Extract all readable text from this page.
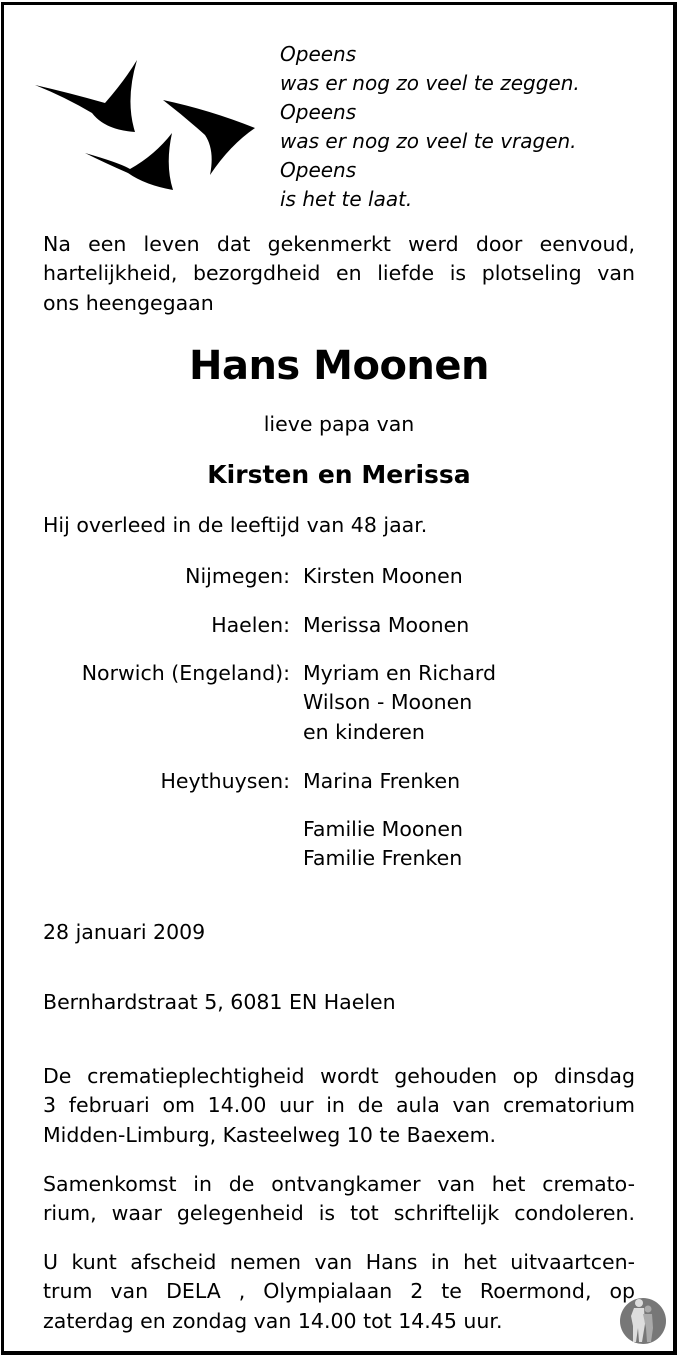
Opeens
was er nog zo veel te zeggen.
Opeens
was er nog zo veel te vragen.
Opeens
is het te laat.
Na een leven dat gekenmerkt werd door eenvoud,
hartelijkheid, bezorgdheid en liefde is plotseling van
ons heengegaan
Hans Moonen
lieve papa van
Kirsten en Merissa
Hij overleed in de leeftijd van 48 jaar.
Nijmegen: Kirsten Moonen
Haelen: Merissa Moonen
Norwich (Engeland): Myriam en Richard
Wilson - Moonen
en kinderen
Heythuysen: Marina Frenken
Familie Moonen
Familie Frenken
28 januari 2009
Bernhardstraat 5, 6081 EN Haelen
De crematieplechtigheid wordt gehouden op dinsdag
3 februari om 14.00 uur in de aula van crematorium
Midden-Limburg, Kasteelweg 10 te Baexem.
Samenkomst in de ontvangkamer van het cremato-
rium, waar gelegenheid is tot schriftelijk condoleren.
U kunt afscheid nemen van Hans in het uitvaartcen-
trum van DELA , Olympialaan 2 te Roermond, op
zaterdag en zondag van 14.00 tot 14.45 uur.
